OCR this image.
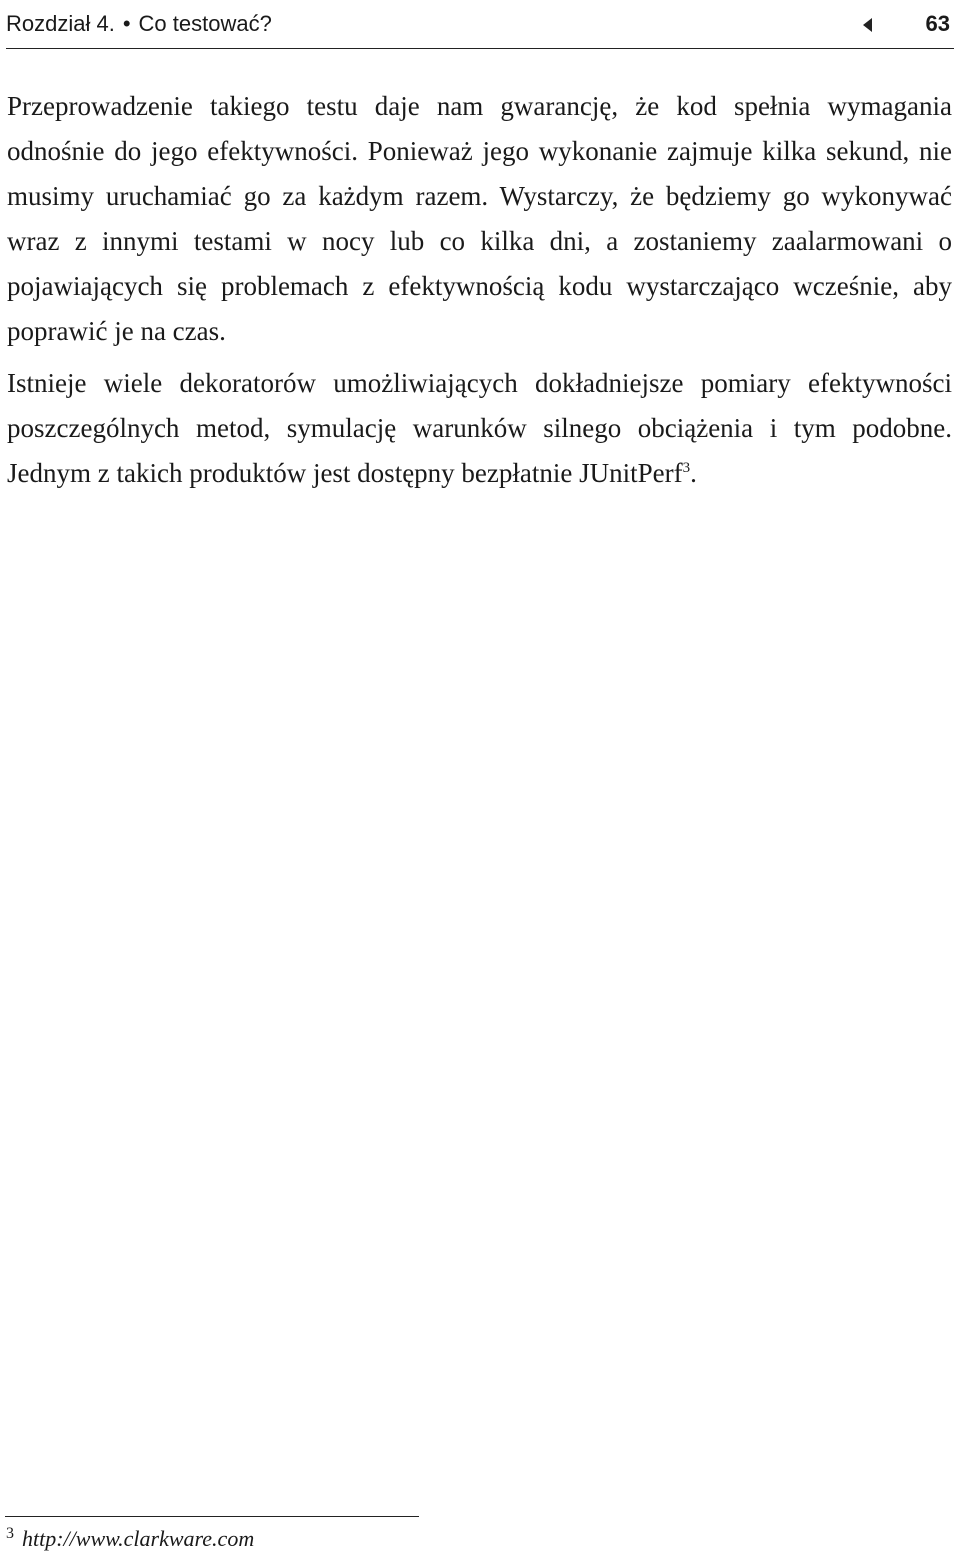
Rozdział 4. • Co testować?	63

Przeprowadzenie takiego testu daje nam gwarancję, że kod spełnia wymagania odnośnie do jego efektywności. Ponieważ jego wykonanie zajmuje kilka sekund, nie musimy uruchamiać go za każdym razem. Wystarczy, że będziemy go wykonywać wraz z innymi testami w nocy lub co kilka dni, a zostaniemy zaalarmowani o pojawiających się problemach z efektywnością kodu wystarczająco wcześnie, aby poprawić je na czas.

Istnieje wiele dekoratorów umożliwiających dokładniejsze pomiary efektywności poszczególnych metod, symulację warunków silnego obciążenia i tym podobne. Jednym z takich produktów jest dostępny bezpłatnie JUnitPerf$^3$.

$^3$ http://www.clarkware.com
